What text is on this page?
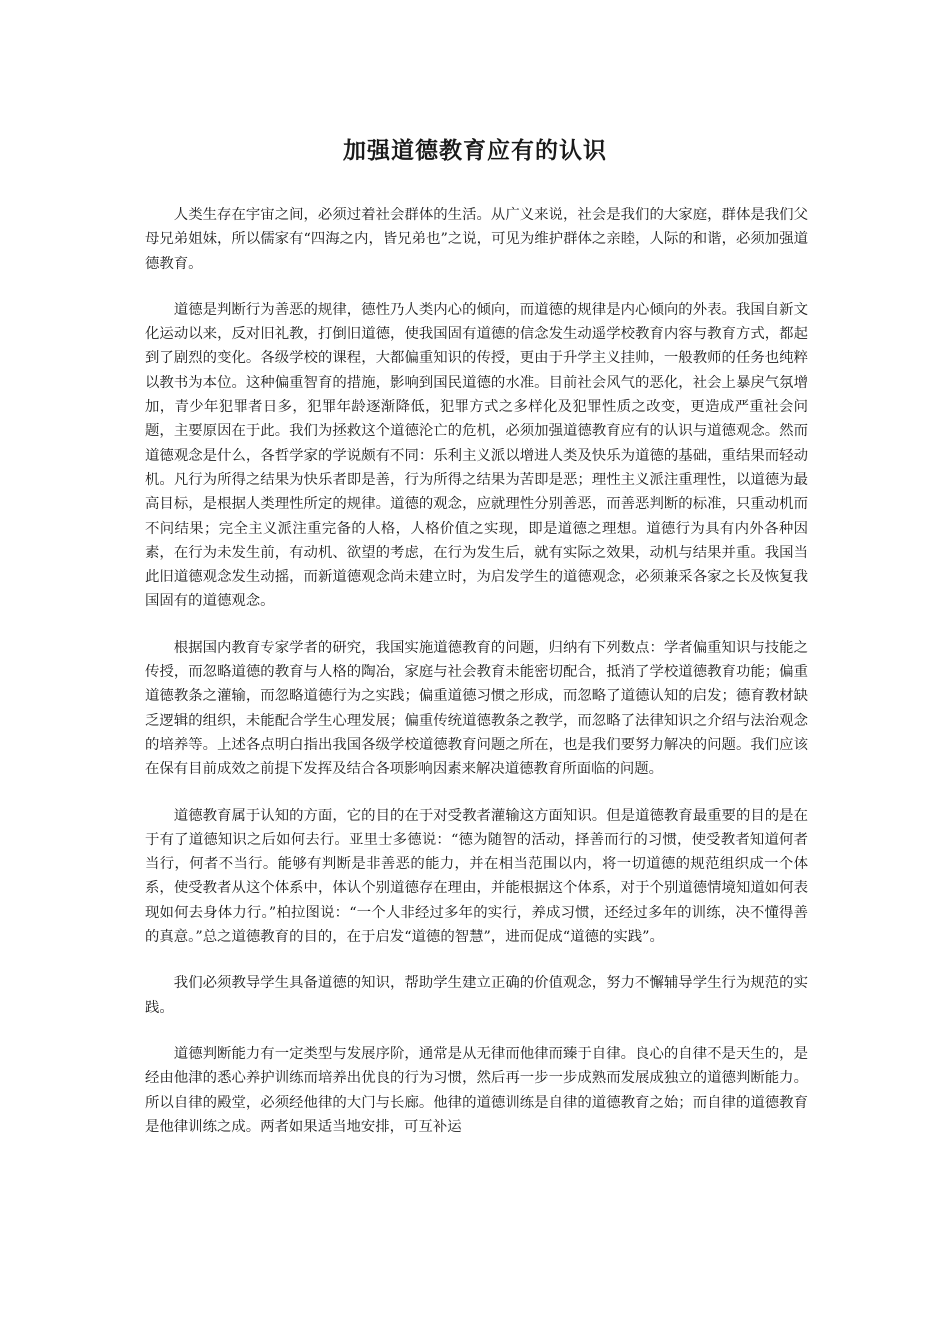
加强道德教育应有的认识

人类生存在宇宙之间，必须过着社会群体的生活。从广义来说，社会是我们的大家庭，群体是我们父母兄弟姐妹，所以儒家有“四海之内，皆兄弟也”之说，可见为维护群体之亲睦，人际的和谐，必须加强道德教育。

道德是判断行为善恶的规律，德性乃人类内心的倾向，而道德的规律是内心倾向的外表。我国自新文化运动以来，反对旧礼教，打倒旧道德，使我国固有道德的信念发生动遥学校教育内容与教育方式，都起到了剧烈的变化。各级学校的课程，大都偏重知识的传授，更由于升学主义挂帅，一般教师的任务也纯粹以教书为本位。这种偏重智育的措施，影响到国民道德的水准。目前社会风气的恶化，社会上暴戾气氛增加，青少年犯罪者日多，犯罪年龄逐渐降低，犯罪方式之多样化及犯罪性质之改变，更造成严重社会问题，主要原因在于此。我们为拯救这个道德沦亡的危机，必须加强道德教育应有的认识与道德观念。然而道德观念是什么，各哲学家的学说颇有不同：乐利主义派以增进人类及快乐为道德的基础，重结果而轻动机。凡行为所得之结果为快乐者即是善，行为所得之结果为苦即是恶；理性主义派注重理性，以道德为最高目标，是根据人类理性所定的规律。道德的观念，应就理性分别善恶，而善恶判断的标准，只重动机而不问结果；完全主义派注重完备的人格，人格价值之实现，即是道德之理想。道德行为具有内外各种因素，在行为未发生前，有动机、欲望的考虑，在行为发生后，就有实际之效果，动机与结果并重。我国当此旧道德观念发生动摇，而新道德观念尚未建立时，为启发学生的道德观念，必须兼采各家之长及恢复我国固有的道德观念。

根据国内教育专家学者的研究，我国实施道德教育的问题，归纳有下列数点：学者偏重知识与技能之传授，而忽略道德的教育与人格的陶冶，家庭与社会教育未能密切配合，抵消了学校道德教育功能；偏重道德教条之灌输，而忽略道德行为之实践；偏重道德习惯之形成，而忽略了道德认知的启发；德育教材缺乏逻辑的组织，未能配合学生心理发展；偏重传统道德教条之教学，而忽略了法律知识之介绍与法治观念的培养等。上述各点明白指出我国各级学校道德教育问题之所在，也是我们要努力解决的问题。我们应该在保有目前成效之前提下发挥及结合各项影响因素来解决道德教育所面临的问题。

道德教育属于认知的方面，它的目的在于对受教者灌输这方面知识。但是道德教育最重要的目的是在于有了道德知识之后如何去行。亚里士多德说：“德为随智的活动，择善而行的习惯，使受教者知道何者当行，何者不当行。能够有判断是非善恶的能力，并在相当范围以内，将一切道德的规范组织成一个体系，使受教者从这个体系中，体认个别道德存在理由，并能根据这个体系，对于个别道德情境知道如何表现如何去身体力行。”柏拉图说：“一个人非经过多年的实行，养成习惯，还经过多年的训练，决不懂得善的真意。”总之道德教育的目的，在于启发“道德的智慧”，进而促成“道德的实践”。

我们必须教导学生具备道德的知识，帮助学生建立正确的价值观念，努力不懈辅导学生行为规范的实践。

道德判断能力有一定类型与发展序阶，通常是从无律而他律而臻于自律。良心的自律不是天生的，是经由他津的悉心养护训练而培养出优良的行为习惯，然后再一步一步成熟而发展成独立的道德判断能力。所以自律的殿堂，必须经他律的大门与长廊。他律的道德训练是自律的道德教育之始；而自律的道德教育是他律训练之成。两者如果适当地安排，可互补运
